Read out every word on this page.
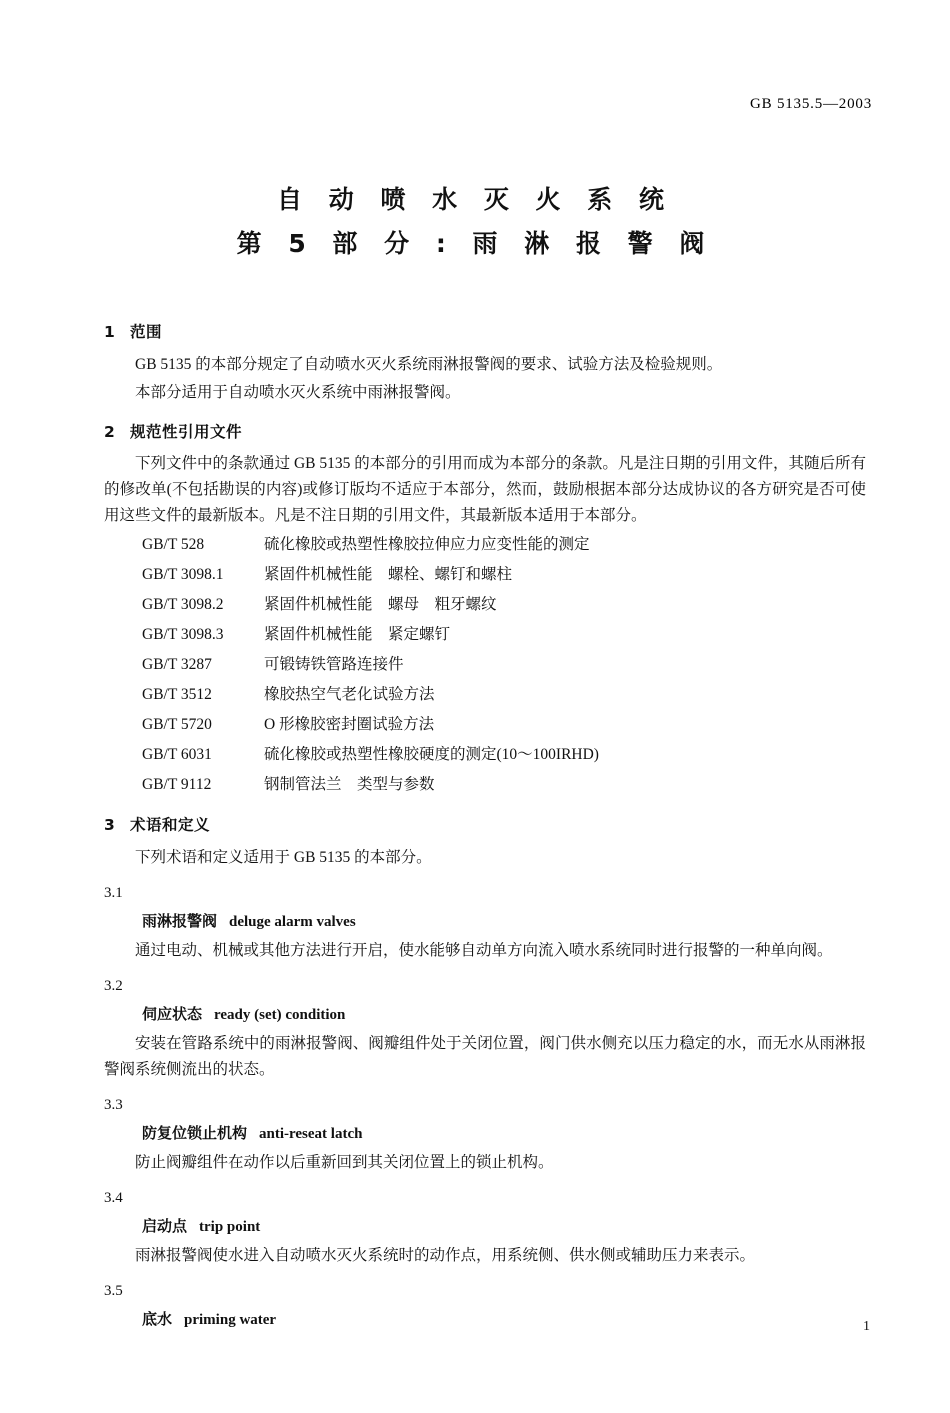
GB 5135.5—2003
自 动 喷 水 灭 火 系 统
第 5 部 分 : 雨 淋 报 警 阀
1 范围
GB 5135 的本部分规定了自动喷水灭火系统雨淋报警阀的要求、试验方法及检验规则。
本部分适用于自动喷水灭火系统中雨淋报警阀。
2 规范性引用文件
下列文件中的条款通过 GB 5135 的本部分的引用而成为本部分的条款。凡是注日期的引用文件，其随后所有的修改单(不包括勘误的内容)或修订版均不适应于本部分，然而，鼓励根据本部分达成协议的各方研究是否可使用这些文件的最新版本。凡是不注日期的引用文件，其最新版本适用于本部分。
GB/T 528	硫化橡胶或热塑性橡胶拉伸应力应变性能的测定
GB/T 3098.1	紧固件机械性能　螺栓、螺钉和螺柱
GB/T 3098.2	紧固件机械性能　螺母　粗牙螺纹
GB/T 3098.3	紧固件机械性能　紧定螺钉
GB/T 3287	可锻铸铁管路连接件
GB/T 3512	橡胶热空气老化试验方法
GB/T 5720	O 形橡胶密封圈试验方法
GB/T 6031	硫化橡胶或热塑性橡胶硬度的测定(10～100IRHD)
GB/T 9112	钢制管法兰　类型与参数
3 术语和定义
下列术语和定义适用于 GB 5135 的本部分。
3.1
雨淋报警阀 deluge alarm valves
通过电动、机械或其他方法进行开启，使水能够自动单方向流入喷水系统同时进行报警的一种单向阀。
3.2
伺应状态 ready (set) condition
安装在管路系统中的雨淋报警阀、阀瓣组件处于关闭位置，阀门供水侧充以压力稳定的水，而无水从雨淋报警阀系统侧流出的状态。
3.3
防复位锁止机构 anti-reseat latch
防止阀瓣组件在动作以后重新回到其关闭位置上的锁止机构。
3.4
启动点 trip point
雨淋报警阀使水进入自动喷水灭火系统时的动作点，用系统侧、供水侧或辅助压力来表示。
3.5
底水 priming water	1
